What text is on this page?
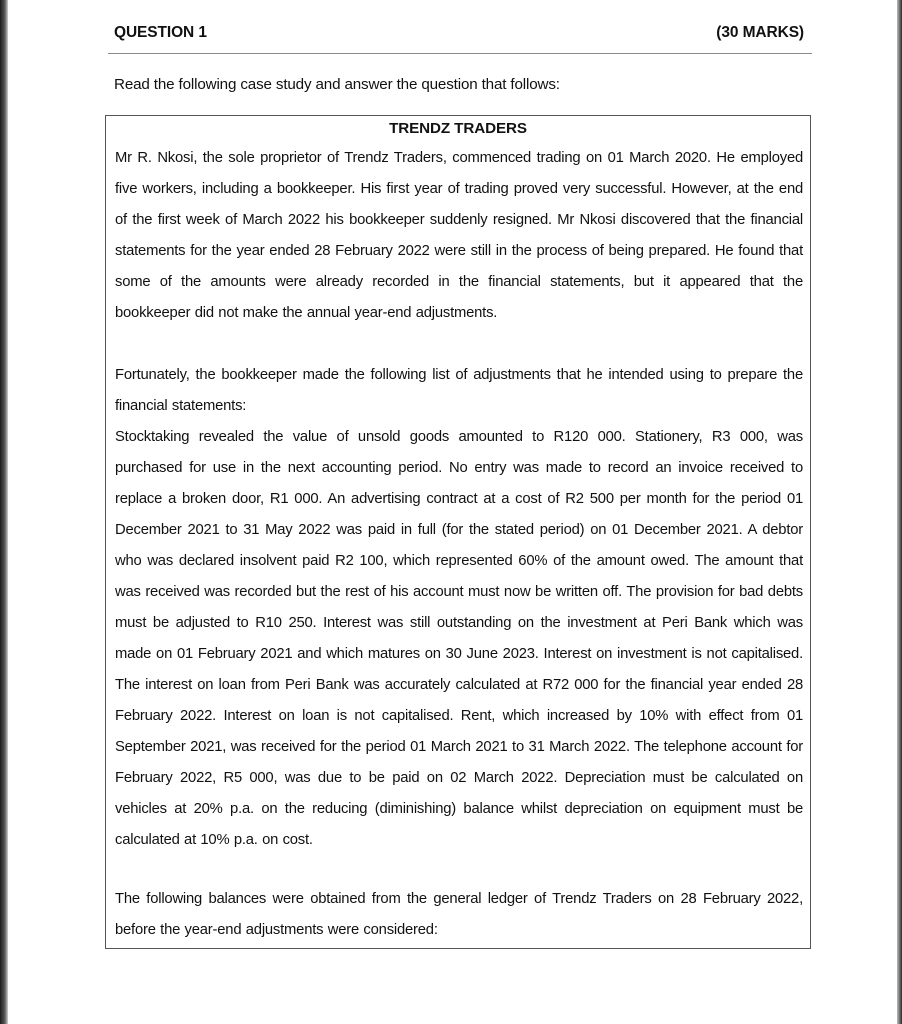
QUESTION 1	(30 MARKS)
Read the following case study and answer the question that follows:
TRENDZ TRADERS

Mr R. Nkosi, the sole proprietor of Trendz Traders, commenced trading on 01 March 2020. He employed five workers, including a bookkeeper. His first year of trading proved very successful. However, at the end of the first week of March 2022 his bookkeeper suddenly resigned. Mr Nkosi discovered that the financial statements for the year ended 28 February 2022 were still in the process of being prepared. He found that some of the amounts were already recorded in the financial statements, but it appeared that the bookkeeper did not make the annual year-end adjustments.

Fortunately, the bookkeeper made the following list of adjustments that he intended using to prepare the financial statements:

Stocktaking revealed the value of unsold goods amounted to R120 000. Stationery, R3 000, was purchased for use in the next accounting period. No entry was made to record an invoice received to replace a broken door, R1 000. An advertising contract at a cost of R2 500 per month for the period 01 December 2021 to 31 May 2022 was paid in full (for the stated period) on 01 December 2021. A debtor who was declared insolvent paid R2 100, which represented 60% of the amount owed. The amount that was received was recorded but the rest of his account must now be written off. The provision for bad debts must be adjusted to R10 250. Interest was still outstanding on the investment at Peri Bank which was made on 01 February 2021 and which matures on 30 June 2023. Interest on investment is not capitalised. The interest on loan from Peri Bank was accurately calculated at R72 000 for the financial year ended 28 February 2022. Interest on loan is not capitalised. Rent, which increased by 10% with effect from 01 September 2021, was received for the period 01 March 2021 to 31 March 2022. The telephone account for February 2022, R5 000, was due to be paid on 02 March 2022. Depreciation must be calculated on vehicles at 20% p.a. on the reducing (diminishing) balance whilst depreciation on equipment must be calculated at 10% p.a. on cost.

The following balances were obtained from the general ledger of Trendz Traders on 28 February 2022, before the year-end adjustments were considered:
